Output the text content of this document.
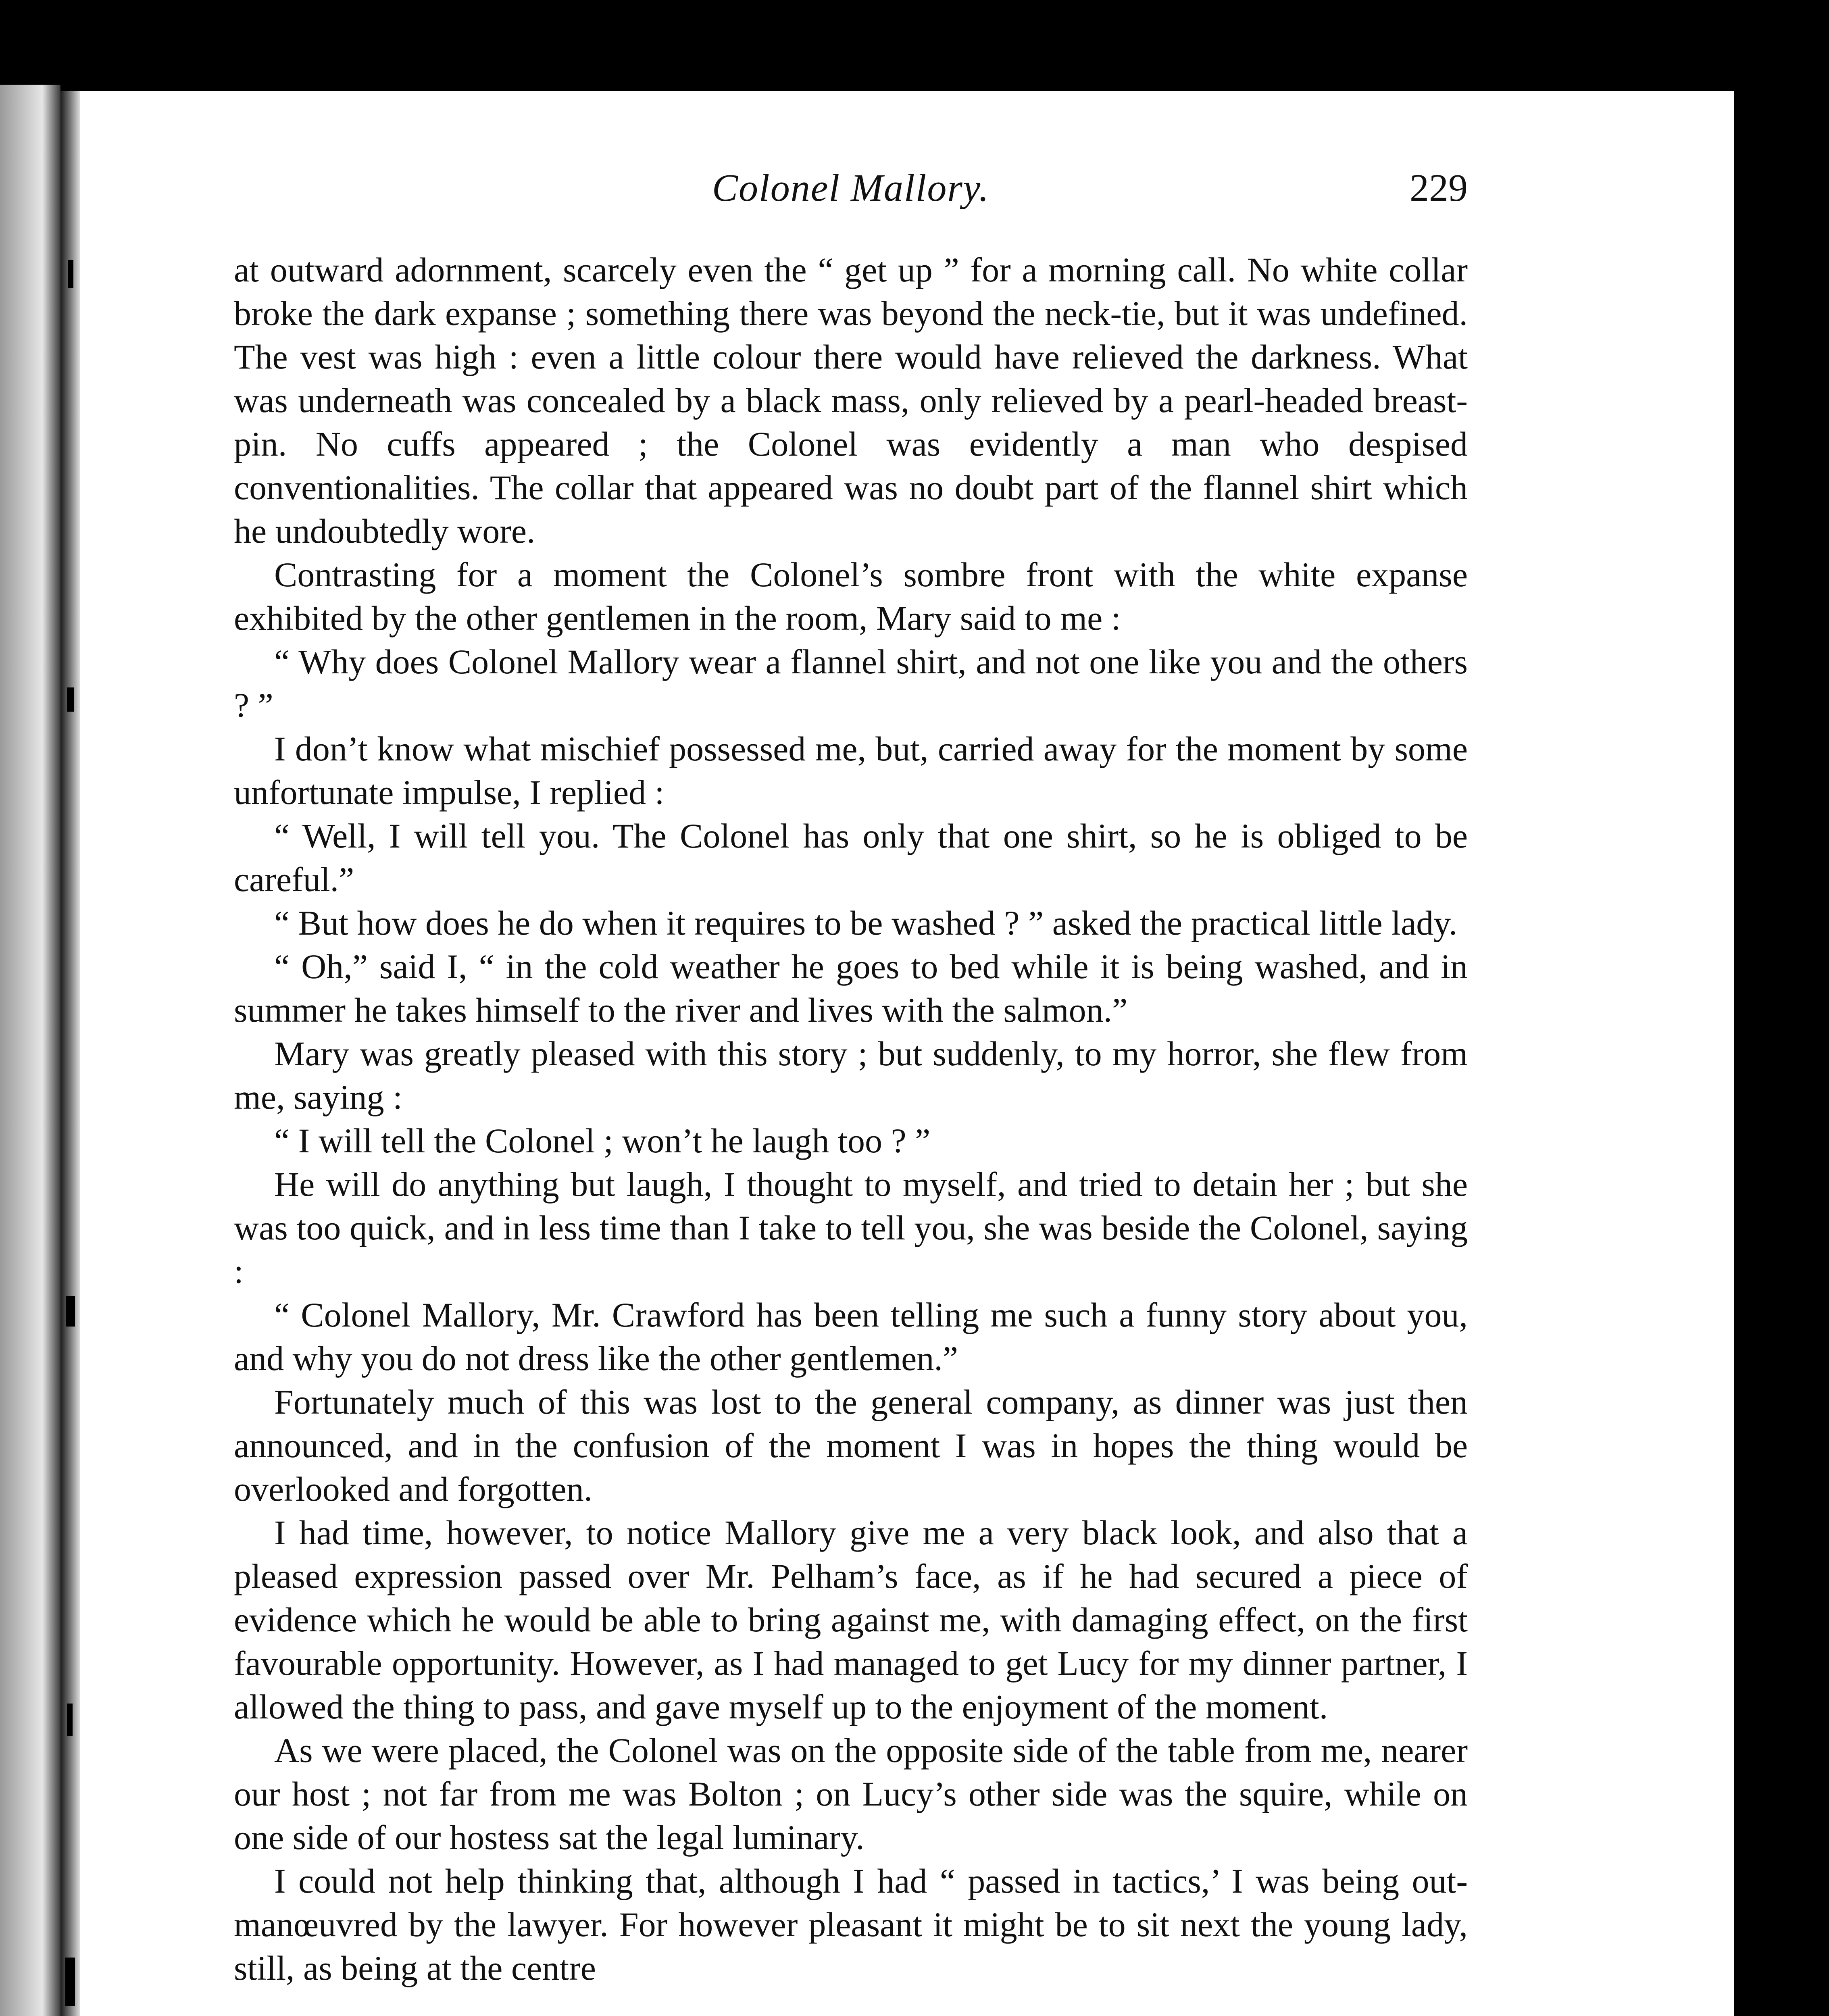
Colonel Mallory.	229

at outward adornment, scarcely even the “ get up ” for a morning call. No white collar broke the dark expanse ; something there was beyond the neck-tie, but it was undefined. The vest was high : even a little colour there would have relieved the darkness. What was underneath was concealed by a black mass, only relieved by a pearl-headed breast-pin. No cuffs appeared ; the Colonel was evidently a man who despised conventionalities. The collar that appeared was no doubt part of the flannel shirt which he undoubtedly wore.

Contrasting for a moment the Colonel’s sombre front with the white expanse exhibited by the other gentlemen in the room, Mary said to me :

“ Why does Colonel Mallory wear a flannel shirt, and not one like you and the others ? ”

I don’t know what mischief possessed me, but, carried away for the moment by some unfortunate impulse, I replied :

“ Well, I will tell you. The Colonel has only that one shirt, so he is obliged to be careful.”

“ But how does he do when it requires to be washed ? ” asked the practical little lady.

“ Oh,” said I, “ in the cold weather he goes to bed while it is being washed, and in summer he takes himself to the river and lives with the salmon.”

Mary was greatly pleased with this story ; but suddenly, to my horror, she flew from me, saying :

“ I will tell the Colonel ; won’t he laugh too ? ”

He will do anything but laugh, I thought to myself, and tried to detain her ; but she was too quick, and in less time than I take to tell you, she was beside the Colonel, saying :

“ Colonel Mallory, Mr. Crawford has been telling me such a funny story about you, and why you do not dress like the other gentlemen.”

Fortunately much of this was lost to the general company, as dinner was just then announced, and in the confusion of the moment I was in hopes the thing would be overlooked and forgotten.

I had time, however, to notice Mallory give me a very black look, and also that a pleased expression passed over Mr. Pelham’s face, as if he had secured a piece of evidence which he would be able to bring against me, with damaging effect, on the first favourable opportunity. However, as I had managed to get Lucy for my dinner partner, I allowed the thing to pass, and gave myself up to the enjoyment of the moment.

As we were placed, the Colonel was on the opposite side of the table from me, nearer our host ; not far from me was Bolton ; on Lucy’s other side was the squire, while on one side of our hostess sat the legal luminary.

I could not help thinking that, although I had “ passed in tactics,’ I was being out-manœuvred by the lawyer. For however pleasant it might be to sit next the young lady, still, as being at the centre
